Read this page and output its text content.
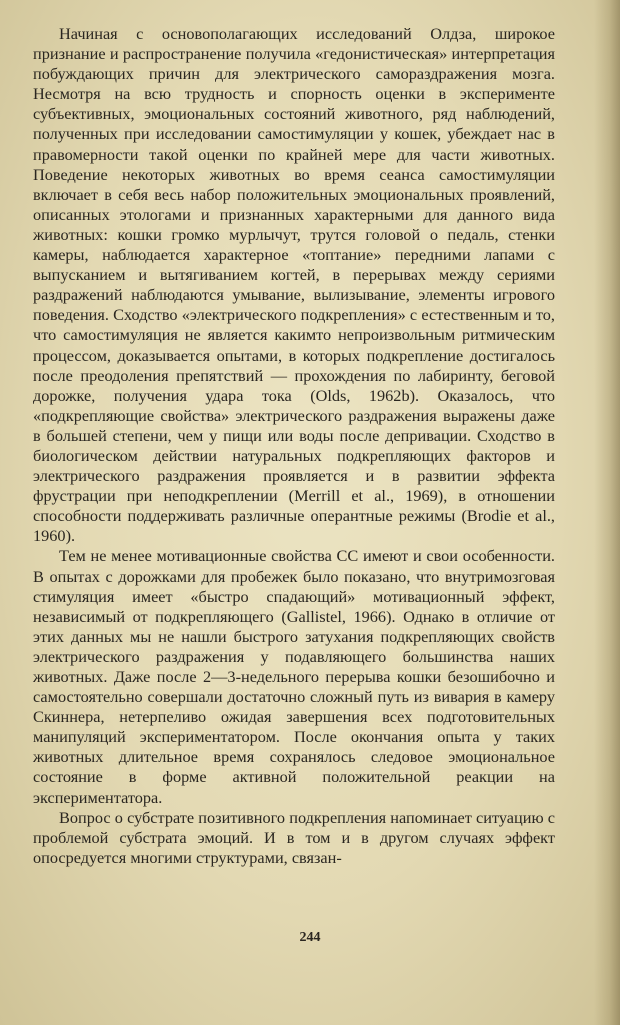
Начиная с основополагающих исследований Олдза, широкое признание и распространение получила «гедонистическая» интерпретация побуждающих причин для электрического самораздражения мозга. Несмотря на всю трудность и спорность оценки в эксперименте субъективных, эмоциональных состояний животного, ряд наблюдений, полученных при исследовании самостимуляции у кошек, убеждает нас в правомерности такой оценки по крайней мере для части животных. Поведение некоторых животных во время сеанса самостимуляции включает в себя весь набор положительных эмоциональных проявлений, описанных этологами и признанных характерными для данного вида животных: кошки громко мурлычут, трутся головой о педаль, стенки камеры, наблюдается характерное «топтание» передними лапами с выпусканием и вытягиванием когтей, в перерывах между сериями раздражений наблюдаются умывание, вылизывание, элементы игрового поведения. Сходство «электрического подкрепления» с естественным и то, что самостимуляция не является какимто непроизвольным ритмическим процессом, доказывается опытами, в которых подкрепление достигалось после преодоления препятствий — прохождения по лабиринту, беговой дорожке, получения удара тока (Olds, 1962b). Оказалось, что «подкрепляющие свойства» электрического раздражения выражены даже в большей степени, чем у пищи или воды после депривации. Сходство в биологическом действии натуральных подкрепляющих факторов и электрического раздражения проявляется и в развитии эффекта фрустрации при неподкреплении (Merrill et al., 1969), в отношении способности поддерживать различные оперантные режимы (Brodie et al., 1960).

Тем не менее мотивационные свойства СС имеют и свои особенности. В опытах с дорожками для пробежек было показано, что внутримозговая стимуляция имеет «быстро спадающий» мотивационный эффект, независимый от подкрепляющего (Gallistel, 1966). Однако в отличие от этих данных мы не нашли быстрого затухания подкрепляющих свойств электрического раздражения у подавляющего большинства наших животных. Даже после 2—3-недельного перерыва кошки безошибочно и самостоятельно совершали достаточно сложный путь из вивария в камеру Скиннера, нетерпеливо ожидая завершения всех подготовительных манипуляций экспериментатором. После окончания опыта у таких животных длительное время сохранялось следовое эмоциональное состояние в форме активной положительной реакции на экспериментатора.

Вопрос о субстрате позитивного подкрепления напоминает ситуацию с проблемой субстрата эмоций. И в том и в другом случаях эффект опосредуется многими структурами, связан-

244
